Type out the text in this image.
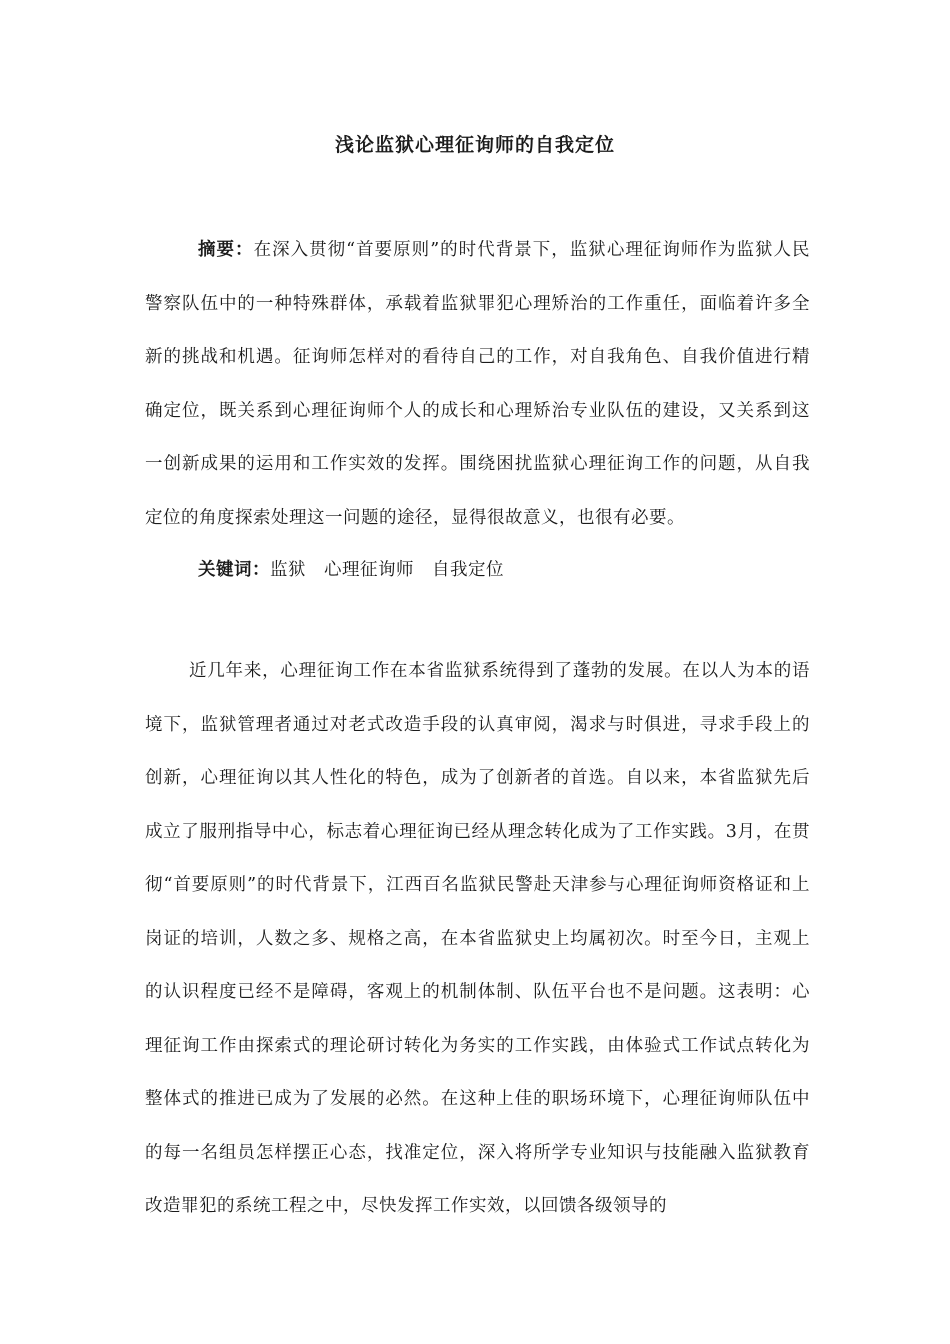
浅论监狱心理征询师的自我定位
摘要：在深入贯彻“首要原则”的时代背景下，监狱心理征询师作为监狱人民警察队伍中的一种特殊群体，承载着监狱罪犯心理矫治的工作重任，面临着许多全新的挑战和机遇。征询师怎样对的看待自己的工作，对自我角色、自我价值进行精确定位，既关系到心理征询师个人的成长和心理矫治专业队伍的建设，又关系到这一创新成果的运用和工作实效的发挥。围绕困扰监狱心理征询工作的问题，从自我定位的角度探索处理这一问题的途径，显得很故意义，也很有必要。
关键词：监狱 心理征询师 自我定位
近几年来，心理征询工作在本省监狱系统得到了蓬勃的发展。在以人为本的语境下，监狱管理者通过对老式改造手段的认真审阅，渴求与时俱进，寻求手段上的创新，心理征询以其人性化的特色，成为了创新者的首选。自以来，本省监狱先后成立了服刑指导中心，标志着心理征询已经从理念转化成为了工作实践。3月，在贯彻“首要原则”的时代背景下，江西百名监狱民警赴天津参与心理征询师资格证和上岗证的培训，人数之多、规格之高，在本省监狱史上均属初次。时至今日，主观上的认识程度已经不是障碍，客观上的机制体制、队伍平台也不是问题。这表明：心理征询工作由探索式的理论研讨转化为务实的工作实践，由体验式工作试点转化为整体式的推进已成为了发展的必然。在这种上佳的职场环境下，心理征询师队伍中的每一名组员怎样摆正心态，找准定位，深入将所学专业知识与技能融入监狱教育改造罪犯的系统工程之中，尽快发挥工作实效，以回馈各级领导的
